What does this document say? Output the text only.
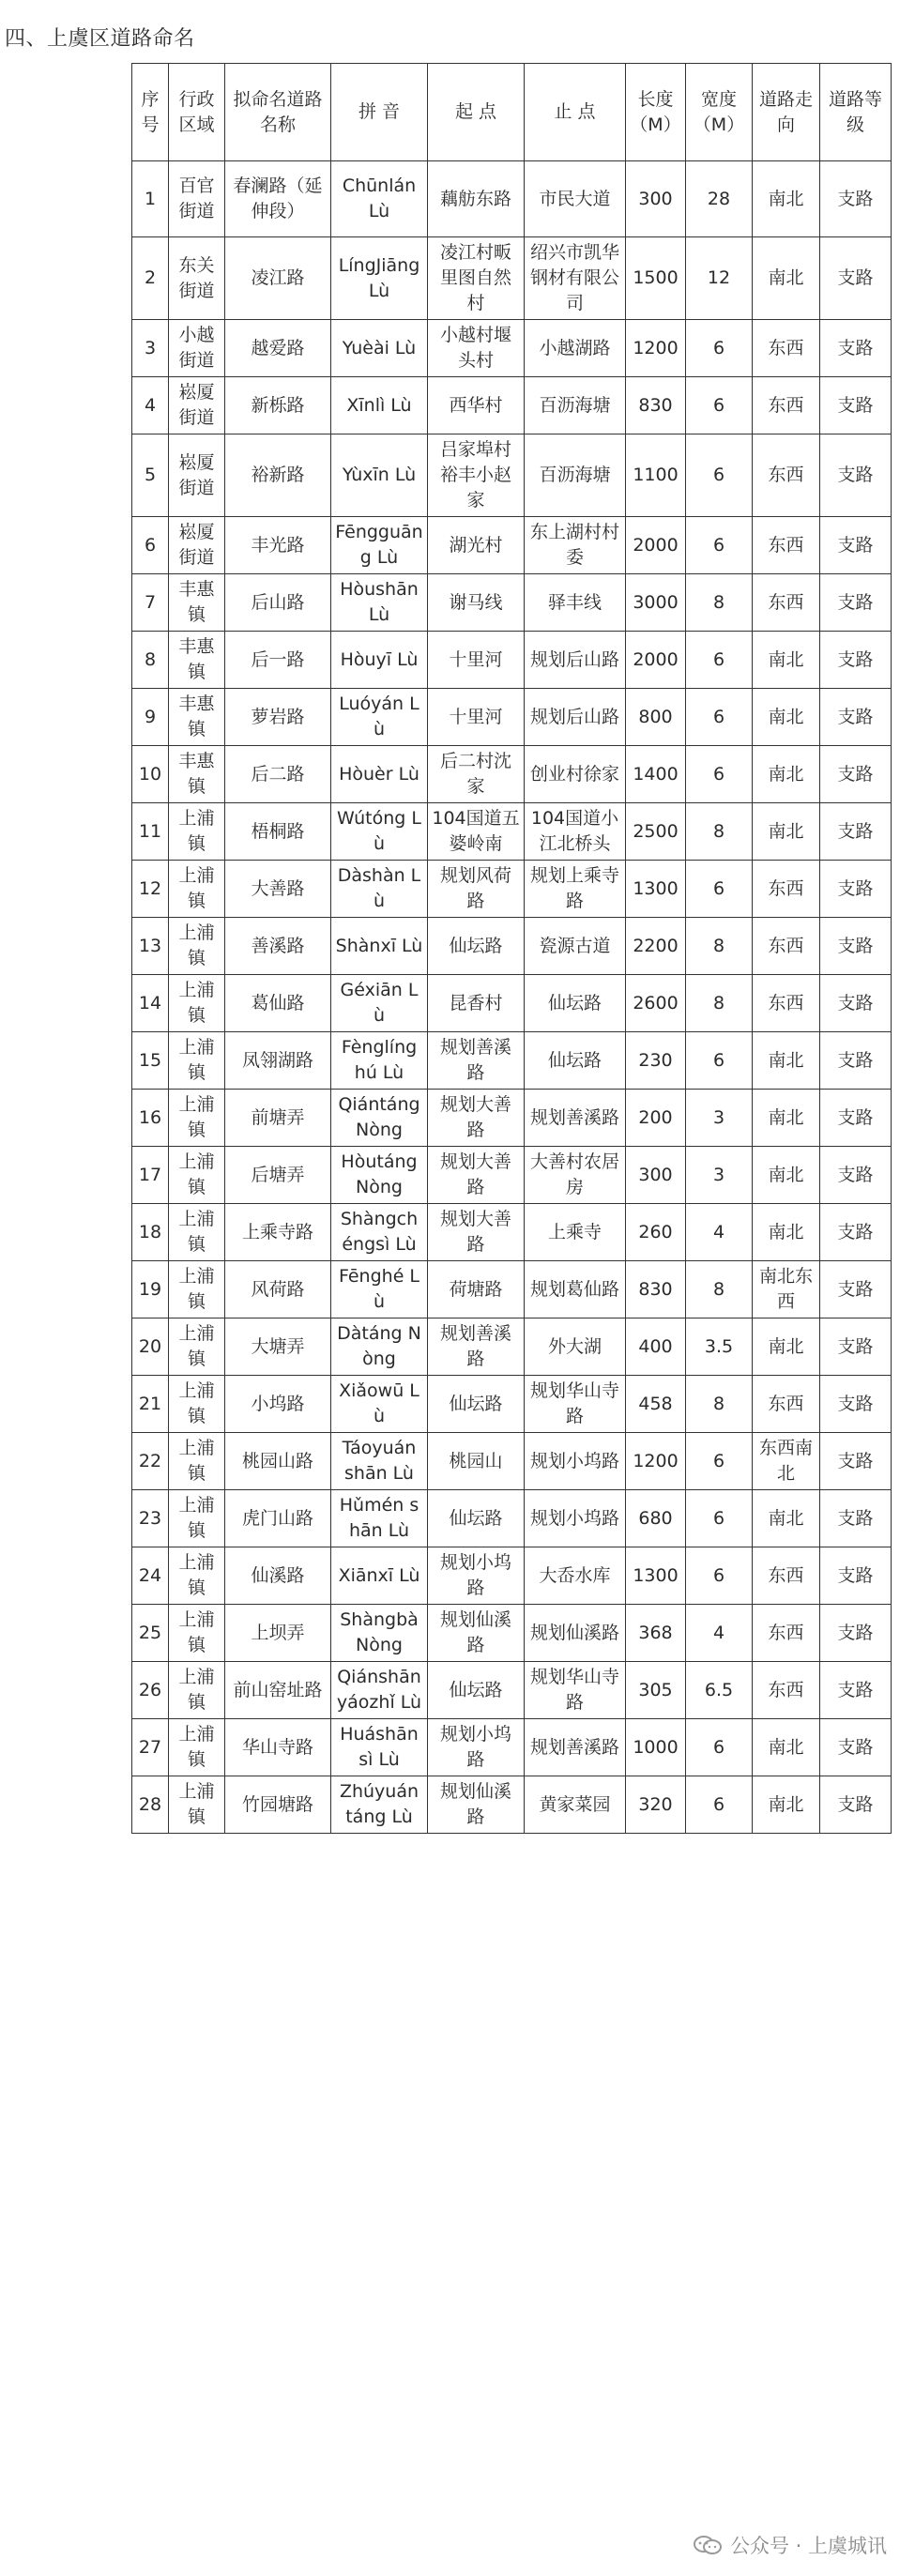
四、上虞区道路命名
序号	行政区域	拟命名道路名称	拼 音	起 点	止 点	长度（M）	宽度（M）	道路走向	道路等级
1	百官街道	春澜路（延伸段）	Chūnlán Lù	藕舫东路	市民大道	300	28	南北	支路
2	东关街道	凌江路	LíngJiāng Lù	凌江村畈里图自然村	绍兴市凯华钢材有限公司	1500	12	南北	支路
3	小越街道	越爱路	Yuèài Lù	小越村堰头村	小越湖路	1200	6	东西	支路
4	崧厦街道	新栎路	Xīnlì Lù	西华村	百沥海塘	830	6	东西	支路
5	崧厦街道	裕新路	Yùxīn Lù	吕家埠村裕丰小赵家	百沥海塘	1100	6	东西	支路
6	崧厦街道	丰光路	Fēngguāng Lù	湖光村	东上湖村村委	2000	6	东西	支路
7	丰惠镇	后山路	Hòushān Lù	谢马线	驿丰线	3000	8	东西	支路
8	丰惠镇	后一路	Hòuyī Lù	十里河	规划后山路	2000	6	南北	支路
9	丰惠镇	萝岩路	Luóyán Lù	十里河	规划后山路	800	6	南北	支路
10	丰惠镇	后二路	Hòuèr Lù	后二村沈家	创业村徐家	1400	6	南北	支路
11	上浦镇	梧桐路	Wútóng Lù	104国道五婆岭南	104国道小江北桥头	2500	8	南北	支路
12	上浦镇	大善路	Dàshàn Lù	规划风荷路	规划上乘寺路	1300	6	东西	支路
13	上浦镇	善溪路	Shànxī Lù	仙坛路	瓷源古道	2200	8	东西	支路
14	上浦镇	葛仙路	Géxiān Lù	昆香村	仙坛路	2600	8	东西	支路
15	上浦镇	凤翎湖路	Fènglíng hú Lù	规划善溪路	仙坛路	230	6	南北	支路
16	上浦镇	前塘弄	Qiántáng Nòng	规划大善路	规划善溪路	200	3	南北	支路
17	上浦镇	后塘弄	Hòutáng Nòng	规划大善路	大善村农居房	300	3	南北	支路
18	上浦镇	上乘寺路	Shàngchéngsì Lù	规划大善路	上乘寺	260	4	南北	支路
19	上浦镇	风荷路	Fēnghé Lù	荷塘路	规划葛仙路	830	8	南北东西	支路
20	上浦镇	大塘弄	Dàtáng Nòng	规划善溪路	外大湖	400	3.5	南北	支路
21	上浦镇	小坞路	Xiǎowū Lù	仙坛路	规划华山寺路	458	8	东西	支路
22	上浦镇	桃园山路	Táoyuán shān Lù	桃园山	规划小坞路	1200	6	东西南北	支路
23	上浦镇	虎门山路	Hǔmén shān Lù	仙坛路	规划小坞路	680	6	南北	支路
24	上浦镇	仙溪路	Xiānxī Lù	规划小坞路	大岙水库	1300	6	东西	支路
25	上浦镇	上坝弄	Shàngbà Nòng	规划仙溪路	规划仙溪路	368	4	东西	支路
26	上浦镇	前山窑址路	Qiánshān yáozhǐ Lù	仙坛路	规划华山寺路	305	6.5	东西	支路
27	上浦镇	华山寺路	Huáshān sì Lù	规划小坞路	规划善溪路	1000	6	南北	支路
28	上浦镇	竹园塘路	Zhúyuán táng Lù	规划仙溪路	黄家菜园	320	6	南北	支路
公众号 · 上虞城讯
